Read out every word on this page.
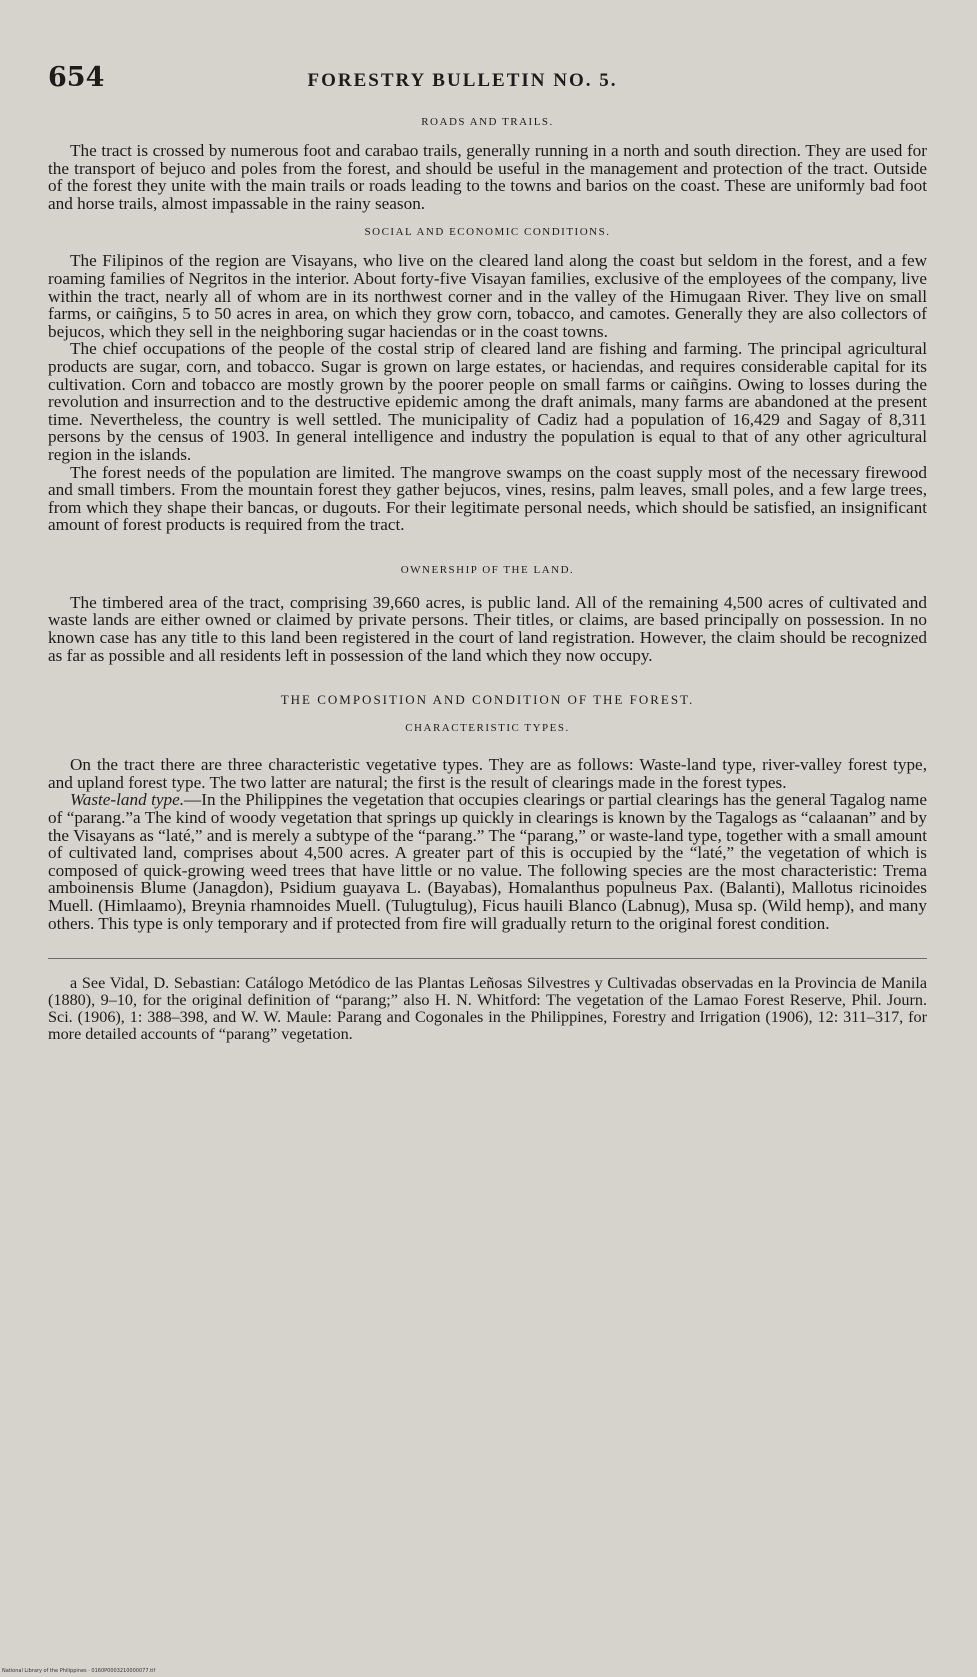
654	FORESTRY BULLETIN NO. 5.
ROADS AND TRAILS.

The tract is crossed by numerous foot and carabao trails, generally running in a north and south direction. They are used for the transport of bejuco and poles from the forest, and should be useful in the management and protection of the tract. Outside of the forest they unite with the main trails or roads leading to the towns and barios on the coast. These are uniformly bad foot and horse trails, almost impassable in the rainy season.

SOCIAL AND ECONOMIC CONDITIONS.

The Filipinos of the region are Visayans, who live on the cleared land along the coast but seldom in the forest, and a few roaming families of Negritos in the interior. About forty-five Visayan families, exclusive of the employees of the company, live within the tract, nearly all of whom are in its northwest corner and in the valley of the Himugaan River. They live on small farms, or caiñgins, 5 to 50 acres in area, on which they grow corn, tobacco, and camotes. Generally they are also collectors of bejucos, which they sell in the neighboring sugar haciendas or in the coast towns.

The chief occupations of the people of the costal strip of cleared land are fishing and farming. The principal agricultural products are sugar, corn, and tobacco. Sugar is grown on large estates, or haciendas, and requires considerable capital for its cultivation. Corn and tobacco are mostly grown by the poorer people on small farms or caiñgins. Owing to losses during the revolution and insurrection and to the destructive epidemic among the draft animals, many farms are abandoned at the present time. Nevertheless, the country is well settled. The municipality of Cadiz had a population of 16,429 and Sagay of 8,311 persons by the census of 1903. In general intelligence and industry the population is equal to that of any other agricultural region in the islands.

The forest needs of the population are limited. The mangrove swamps on the coast supply most of the necessary firewood and small timbers. From the mountain forest they gather bejucos, vines, resins, palm leaves, small poles, and a few large trees, from which they shape their bancas, or dugouts. For their legitimate personal needs, which should be satisfied, an insignificant amount of forest products is required from the tract.

OWNERSHIP OF THE LAND.

The timbered area of the tract, comprising 39,660 acres, is public land. All of the remaining 4,500 acres of cultivated and waste lands are either owned or claimed by private persons. Their titles, or claims, are based principally on possession. In no known case has any title to this land been registered in the court of land registration. However, the claim should be recognized as far as possible and all residents left in possession of the land which they now occupy.

THE COMPOSITION AND CONDITION OF THE FOREST.
CHARACTERISTIC TYPES.

On the tract there are three characteristic vegetative types. They are as follows: Waste-land type, river-valley forest type, and upland forest type. The two latter are natural; the first is the result of clearings made in the forest types.

Waste-land type.—In the Philippines the vegetation that occupies clearings or partial clearings has the general Tagalog name of “parang.”a The kind of woody vegetation that springs up quickly in clearings is known by the Tagalogs as “calaanan” and by the Visayans as “laté,” and is merely a subtype of the “parang.” The “parang,” or waste-land type, together with a small amount of cultivated land, comprises about 4,500 acres. A greater part of this is occupied by the “laté,” the vegetation of which is composed of quick-growing weed trees that have little or no value. The following species are the most characteristic: Trema amboinensis Blume (Janagdon), Psidium guayava L. (Bayabas), Homalanthus populneus Pax. (Balanti), Mallotus ricinoides Muell. (Himlaamo), Breynia rhamnoides Muell. (Tulugtulug), Ficus hauili Blanco (Labnug), Musa sp. (Wild hemp), and many others. This type is only temporary and if protected from fire will gradually return to the original forest condition.

a See Vidal, D. Sebastian: Catálogo Metódico de las Plantas Leñosas Silvestres y Cultivadas observadas en la Provincia de Manila (1880), 9–10, for the original definition of “parang;” also H. N. Whitford: The vegetation of the Lamao Forest Reserve, Phil. Journ. Sci. (1906), 1: 388–398, and W. W. Maule: Parang and Cogonales in the Philippines, Forestry and Irrigation (1906), 12: 311–317, for more detailed accounts of “parang” vegetation.

National Library of the Philippines · 0160P0003210000077.tif
